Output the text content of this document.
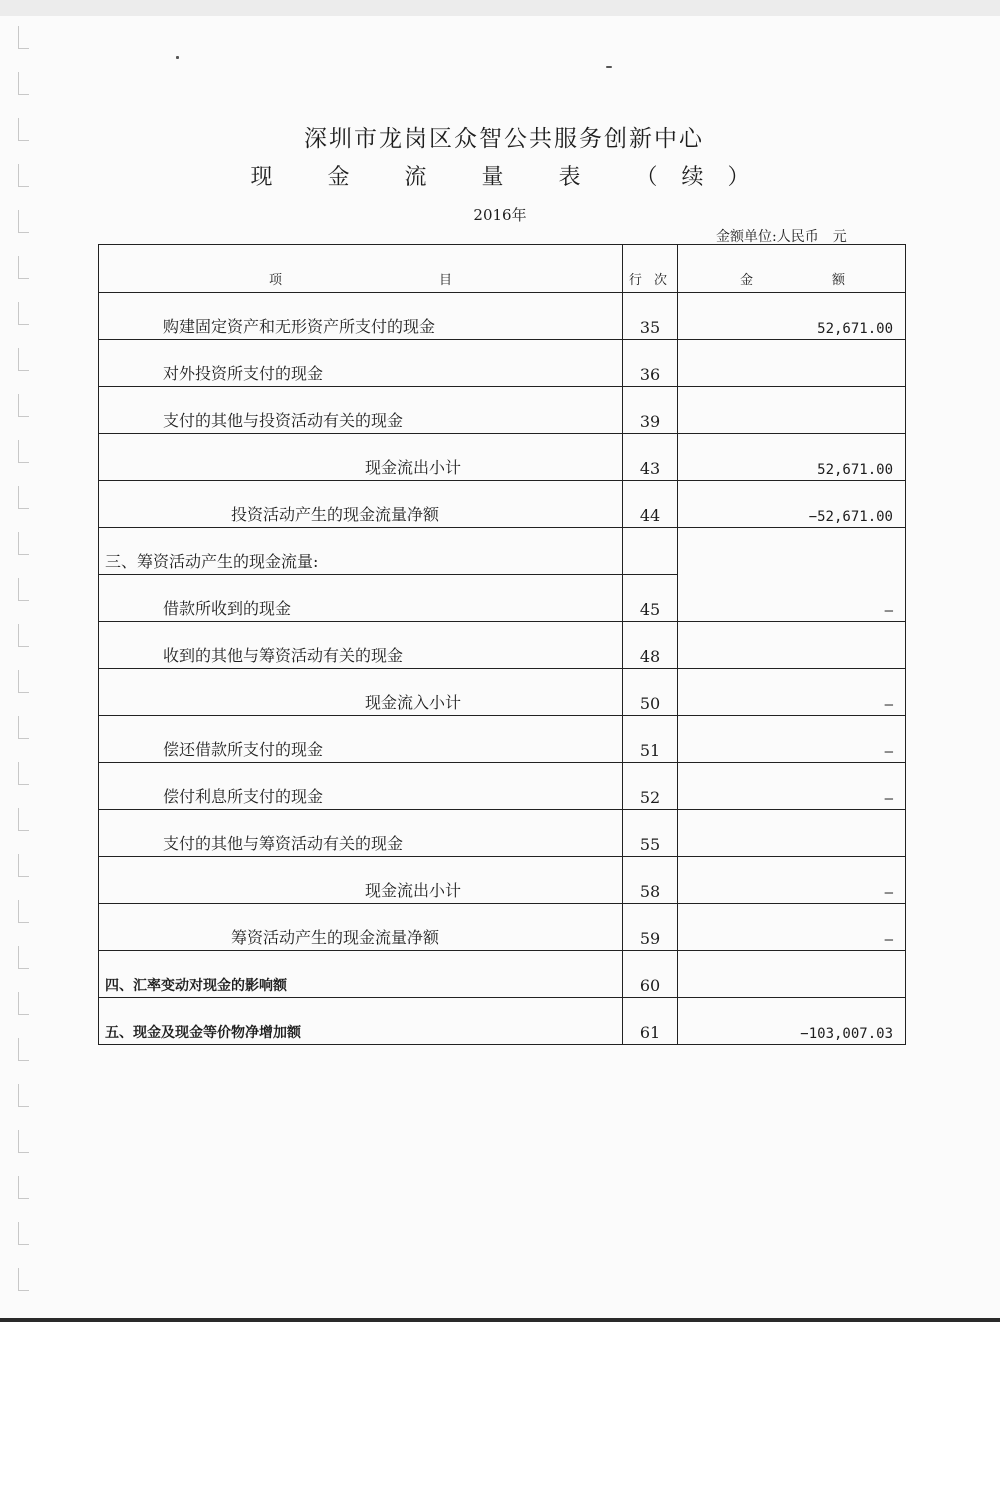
深圳市龙岗区众智公共服务创新中心
现 金 流 量 表 （续）
2016年
金额单位:人民币　元
项 目	行 次	金 额

购建固定资产和无形资产所支付的现金	35	52,671.00

对外投资所支付的现金	36	

支付的其他与投资活动有关的现金	39	

现金流出小计	43	52,671.00

投资活动产生的现金流量净额	44	−52,671.00

三、筹资活动产生的现金流量:		

借款所收到的现金	45	–

收到的其他与筹资活动有关的现金	48	

现金流入小计	50	–

偿还借款所支付的现金	51	–

偿付利息所支付的现金	52	–

支付的其他与筹资活动有关的现金	55	

现金流出小计	58	–

筹资活动产生的现金流量净额	59	–

四、汇率变动对现金的影响额	60	

五、现金及现金等价物净增加额	61	−103,007.03
